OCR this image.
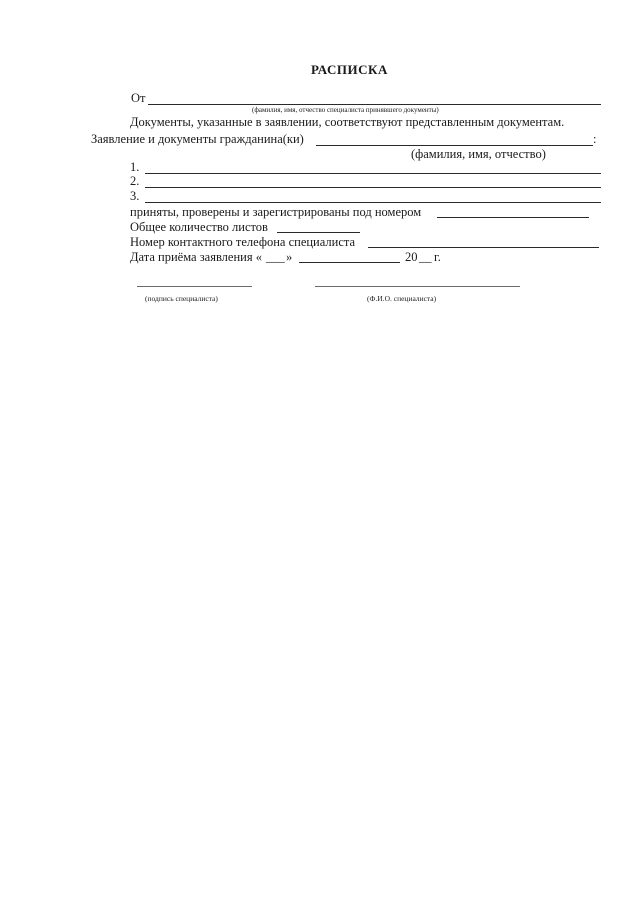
РАСПИСКА
От
(фамилия, имя, отчество специалиста принявшего документы)
Документы, указанные в заявлении, соответствуют представленным документам.
Заявление и документы гражданина(ки)	:
(фамилия, имя, отчество)
1.
2.
3.
приняты, проверены и зарегистрированы под номером
Общее количество листов
Номер контактного телефона специалиста
Дата приёма заявления « ___ »	20 __ г.
(подпись специалиста)	(Ф.И.О. специалиста)
